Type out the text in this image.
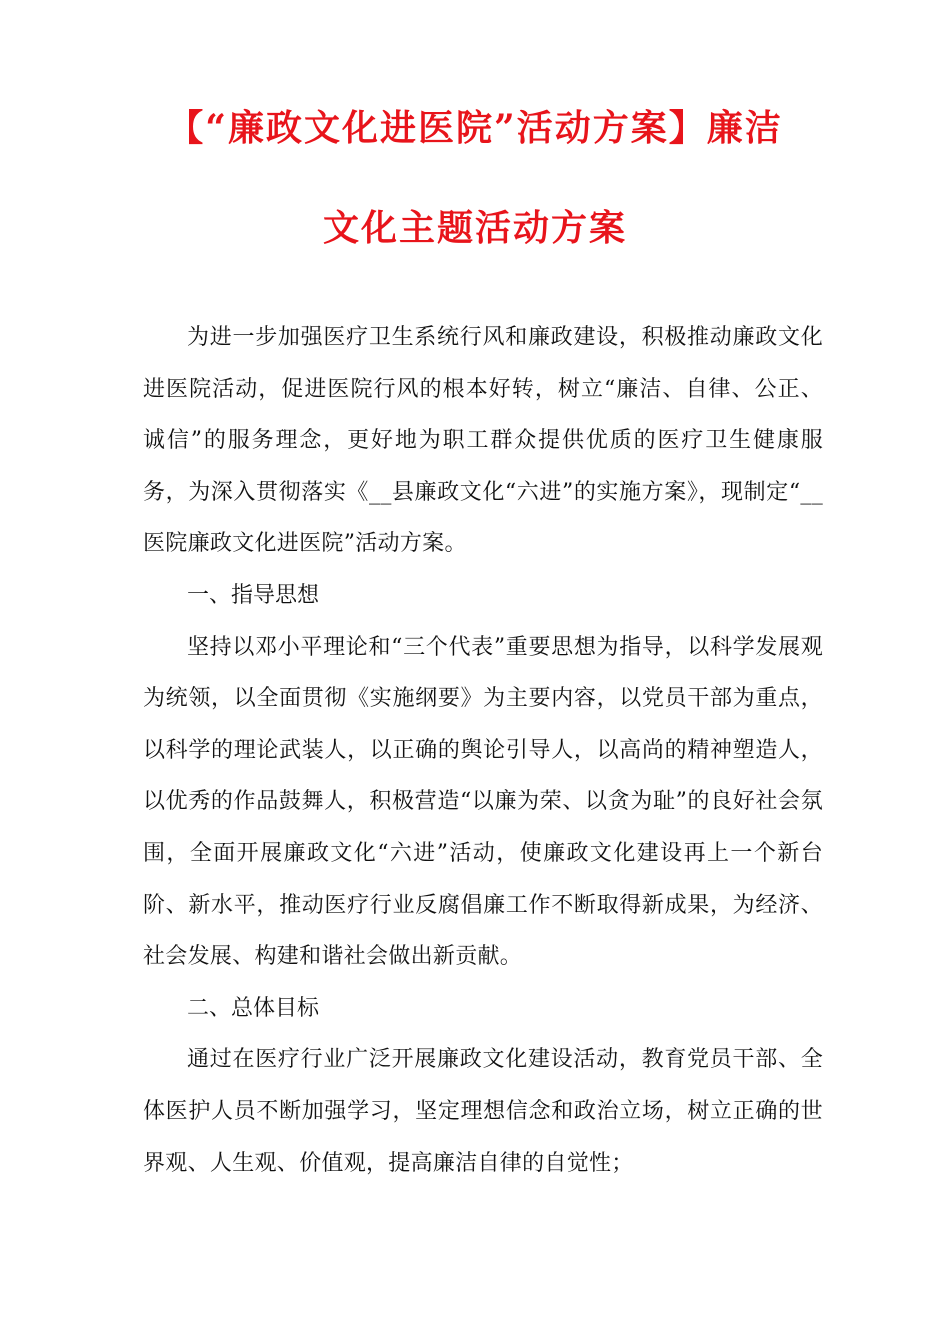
【“廉政文化进医院”活动方案】廉洁
文化主题活动方案

为进一步加强医疗卫生系统行风和廉政建设，积极推动廉政文化进医院活动，促进医院行风的根本好转，树立“廉洁、自律、公正、诚信”的服务理念，更好地为职工群众提供优质的医疗卫生健康服务，为深入贯彻落实《__县廉政文化“六进”的实施方案》，现制定“__医院廉政文化进医院”活动方案。

一、指导思想

坚持以邓小平理论和“三个代表”重要思想为指导，以科学发展观为统领，以全面贯彻《实施纲要》为主要内容，以党员干部为重点，以科学的理论武装人，以正确的舆论引导人，以高尚的精神塑造人，以优秀的作品鼓舞人，积极营造“以廉为荣、以贪为耻”的良好社会氛围，全面开展廉政文化“六进”活动，使廉政文化建设再上一个新台阶、新水平，推动医疗行业反腐倡廉工作不断取得新成果，为经济、社会发展、构建和谐社会做出新贡献。

二、总体目标

通过在医疗行业广泛开展廉政文化建设活动，教育党员干部、全体医护人员不断加强学习，坚定理想信念和政治立场，树立正确的世界观、人生观、价值观，提高廉洁自律的自觉性；
